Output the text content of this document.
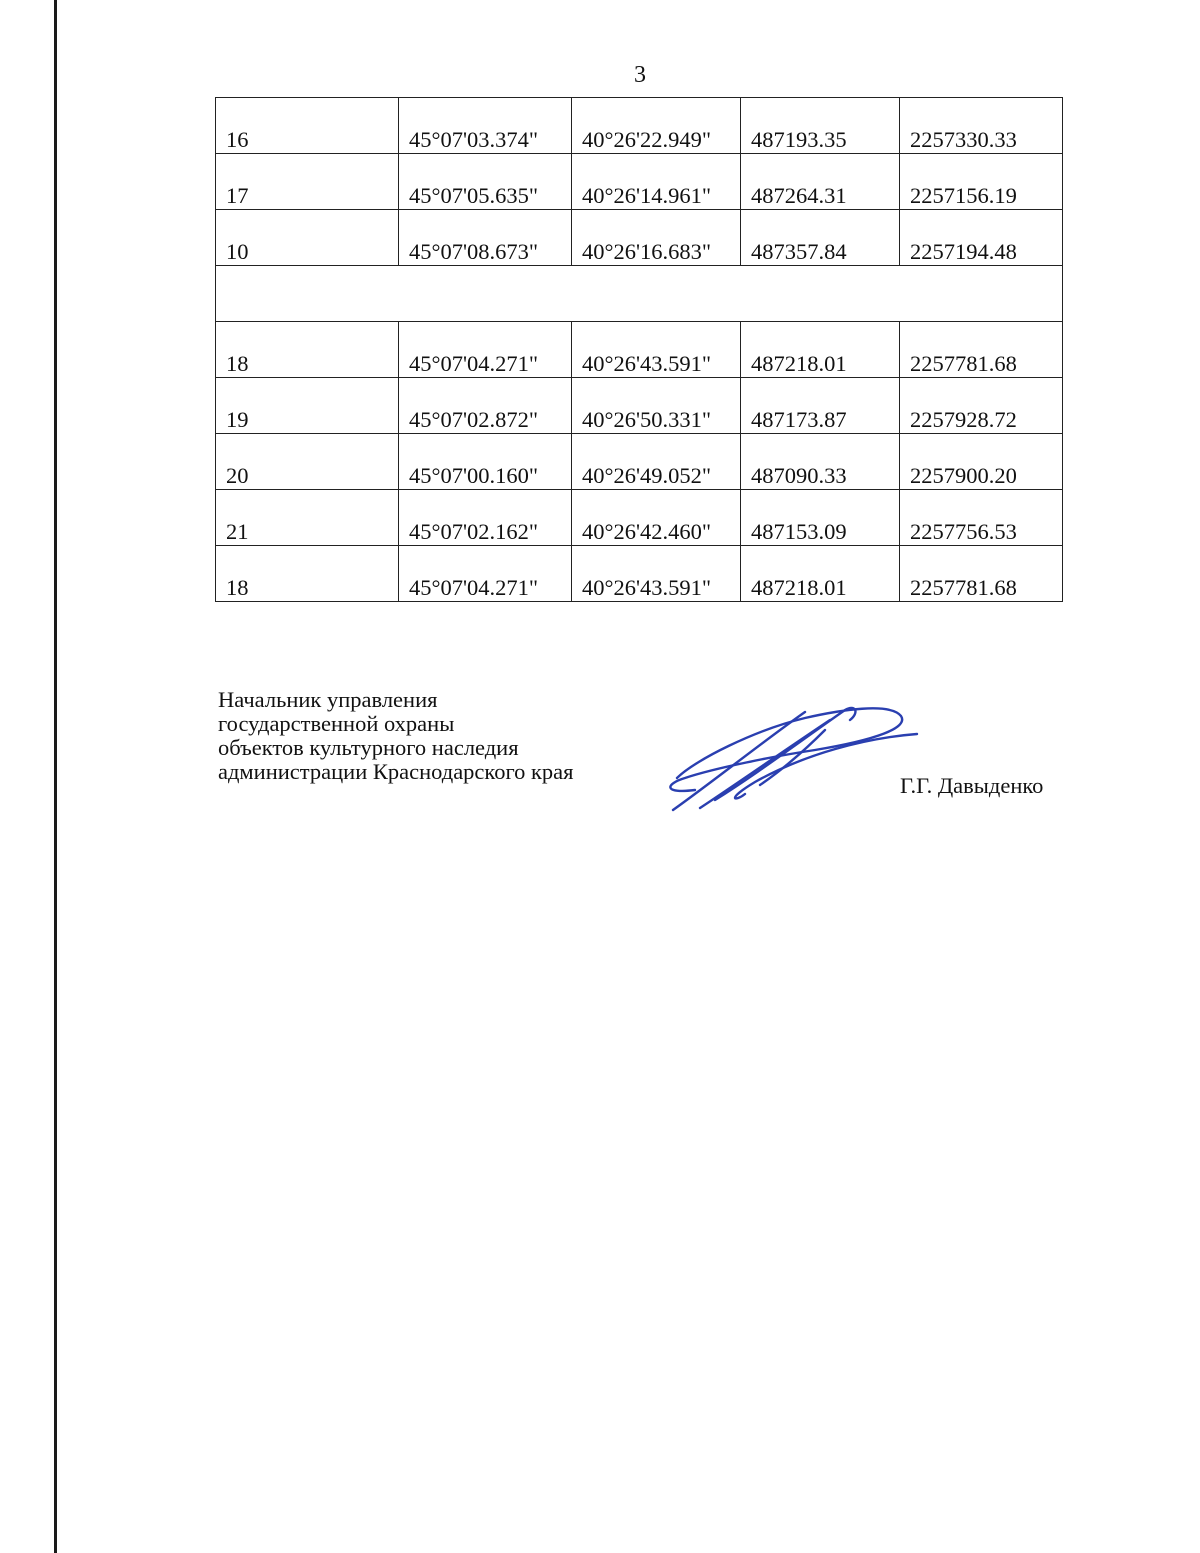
3
16	45°07'03.374"	40°26'22.949"	487193.35	2257330.33
17	45°07'05.635"	40°26'14.961"	487264.31	2257156.19
10	45°07'08.673"	40°26'16.683"	487357.84	2257194.48

18	45°07'04.271"	40°26'43.591"	487218.01	2257781.68
19	45°07'02.872"	40°26'50.331"	487173.87	2257928.72
20	45°07'00.160"	40°26'49.052"	487090.33	2257900.20
21	45°07'02.162"	40°26'42.460"	487153.09	2257756.53
18	45°07'04.271"	40°26'43.591"	487218.01	2257781.68
Начальник управления
государственной охраны
объектов культурного наследия
администрации Краснодарского края
Г.Г. Давыденко
